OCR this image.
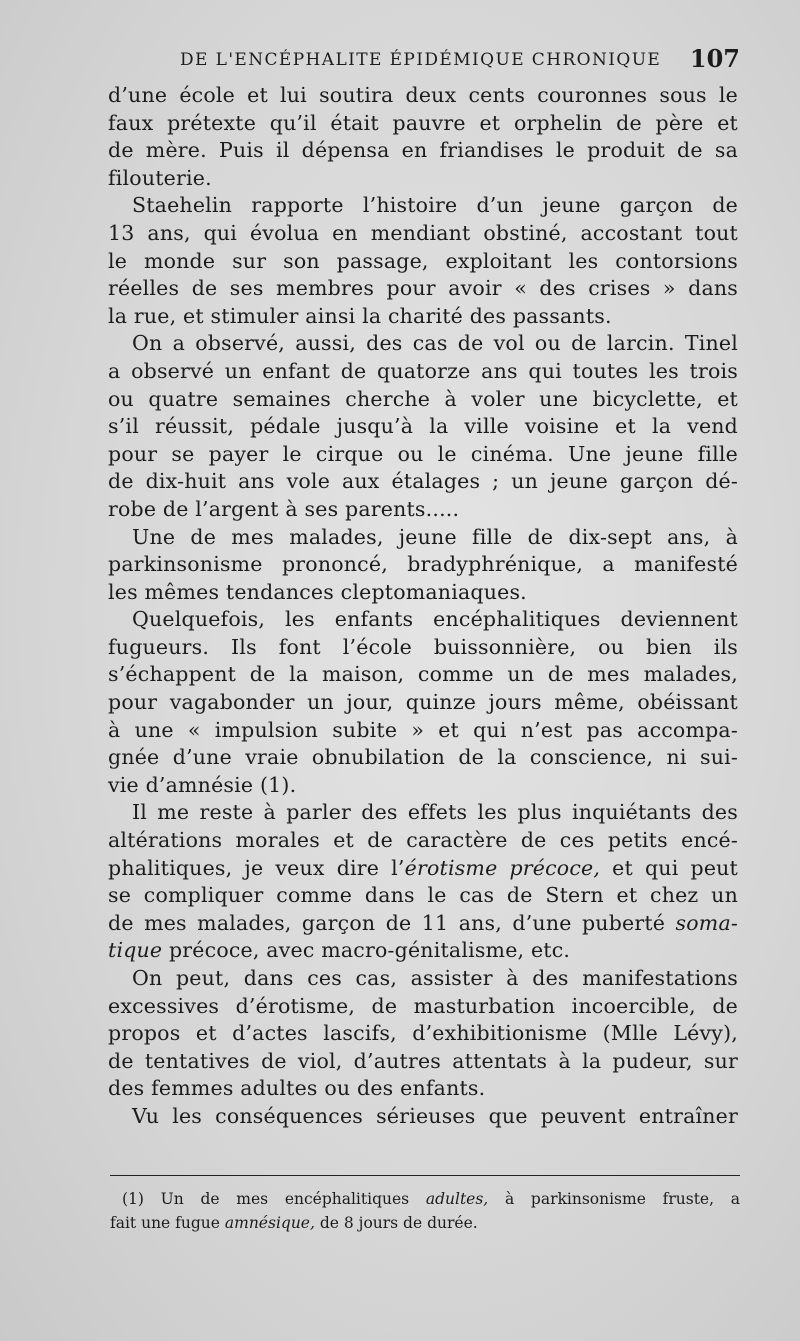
DE L'ENCÉPHALITE ÉPIDÉMIQUE CHRONIQUE 107
d’une école et lui soutira deux cents couronnes sous le
faux prétexte qu’il était pauvre et orphelin de père et
de mère. Puis il dépensa en friandises le produit de sa
filouterie.
Staehelin rapporte l’histoire d’un jeune garçon de
13 ans, qui évolua en mendiant obstiné, accostant tout
le monde sur son passage, exploitant les contorsions
réelles de ses membres pour avoir « des crises » dans
la rue, et stimuler ainsi la charité des passants.
On a observé, aussi, des cas de vol ou de larcin. Tinel
a observé un enfant de quatorze ans qui toutes les trois
ou quatre semaines cherche à voler une bicyclette, et
s’il réussit, pédale jusqu’à la ville voisine et la vend
pour se payer le cirque ou le cinéma. Une jeune fille
de dix-huit ans vole aux étalages ; un jeune garçon dé-
robe de l’argent à ses parents.....
Une de mes malades, jeune fille de dix-sept ans, à
parkinsonisme prononcé, bradyphrénique, a manifesté
les mêmes tendances cleptomaniaques.
Quelquefois, les enfants encéphalitiques deviennent
fugueurs. Ils font l’école buissonnière, ou bien ils
s’échappent de la maison, comme un de mes malades,
pour vagabonder un jour, quinze jours même, obéissant
à une « impulsion subite » et qui n’est pas accompa-
gnée d’une vraie obnubilation de la conscience, ni sui-
vie d’amnésie (1).
Il me reste à parler des effets les plus inquiétants des
altérations morales et de caractère de ces petits encé-
phalitiques, je veux dire l’érotisme précoce, et qui peut
se compliquer comme dans le cas de Stern et chez un
de mes malades, garçon de 11 ans, d’une puberté soma-
tique précoce, avec macro-génitalisme, etc.
On peut, dans ces cas, assister à des manifestations
excessives d’érotisme, de masturbation incoercible, de
propos et d’actes lascifs, d’exhibitionisme (Mlle Lévy),
de tentatives de viol, d’autres attentats à la pudeur, sur
des femmes adultes ou des enfants.
Vu les conséquences sérieuses que peuvent entraîner
(1) Un de mes encéphalitiques adultes, à parkinsonisme fruste, a
fait une fugue amnésique, de 8 jours de durée.
